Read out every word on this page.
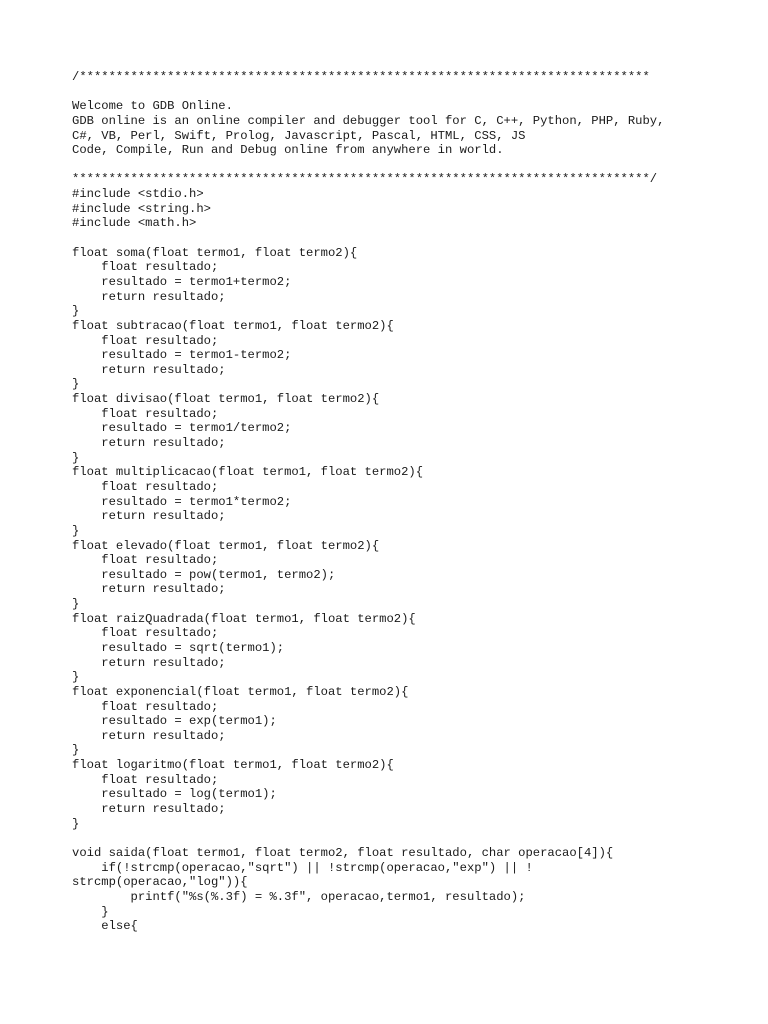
/******************************************************************************
Welcome to GDB Online.
GDB online is an online compiler and debugger tool for C, C++, Python, PHP, Ruby,
C#, VB, Perl, Swift, Prolog, Javascript, Pascal, HTML, CSS, JS
Code, Compile, Run and Debug online from anywhere in world.
*******************************************************************************/
#include <stdio.h>
#include <string.h>
#include <math.h>
float soma(float termo1, float termo2){
float resultado;
resultado = termo1+termo2;
return resultado;
}
float subtracao(float termo1, float termo2){
float resultado;
resultado = termo1-termo2;
return resultado;
}
float divisao(float termo1, float termo2){
float resultado;
resultado = termo1/termo2;
return resultado;
}
float multiplicacao(float termo1, float termo2){
float resultado;
resultado = termo1*termo2;
return resultado;
}
float elevado(float termo1, float termo2){
float resultado;
resultado = pow(termo1, termo2);
return resultado;
}
float raizQuadrada(float termo1, float termo2){
float resultado;
resultado = sqrt(termo1);
return resultado;
}
float exponencial(float termo1, float termo2){
float resultado;
resultado = exp(termo1);
return resultado;
}
float logaritmo(float termo1, float termo2){
float resultado;
resultado = log(termo1);
return resultado;
}
void saida(float termo1, float termo2, float resultado, char operacao[4]){
if(!strcmp(operacao,"sqrt") || !strcmp(operacao,"exp") || !
strcmp(operacao,"log")){
printf("%s(%.3f) = %.3f", operacao,termo1, resultado);
}
else{
